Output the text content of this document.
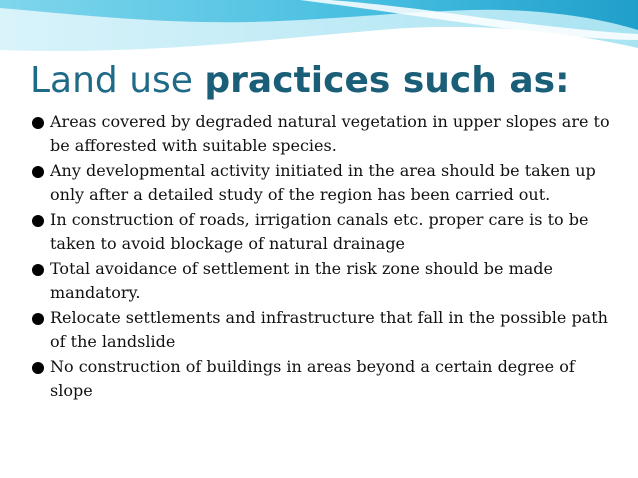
Land use practices such as:
Areas covered by degraded natural vegetation in upper slopes are to be afforested with suitable species.
Any developmental activity initiated in the area should be taken up only after a detailed study of the region has been carried out.
In construction of roads, irrigation canals etc. proper care is to be taken to avoid blockage of natural drainage
Total avoidance of settlement in the risk zone should be made mandatory.
Relocate settlements and infrastructure that fall in the possible path of the landslide
No construction of buildings in areas beyond a certain degree of slope
